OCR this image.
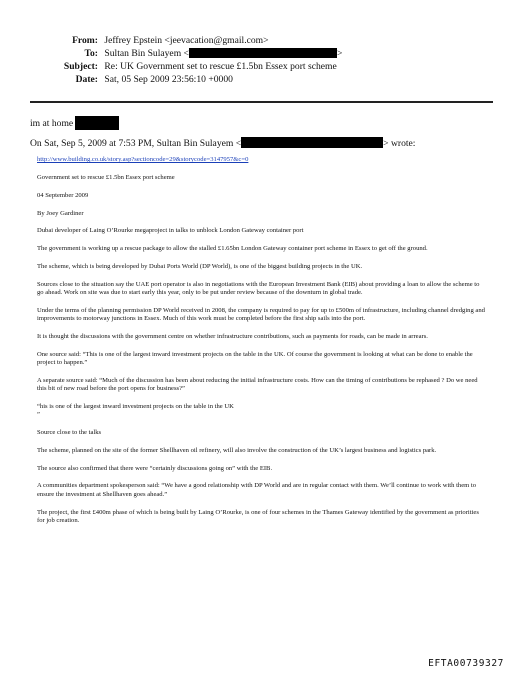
From: Jeffrey Epstein <jeevacation@gmail.com>
To: Sultan Bin Sulayem <	>
Subject: Re: UK Government set to rescue £1.5bn Essex port scheme
Date: Sat, 05 Sep 2009 23:56:10 +0000
im at home
On Sat, Sep 5, 2009 at 7:53 PM, Sultan Bin Sulayem <	> wrote:
http://www.building.co.uk/story.asp?sectioncode=29&storycode=3147957&c=0
Government set to rescue £1.5bn Essex port scheme
04 September 2009
By Joey Gardiner
Dubai developer of Laing O’Rourke megaproject in talks to unblock London Gateway container port
The government is working up a rescue package to allow the stalled £1.65bn London Gateway container port scheme in Essex to get off the ground.
The scheme, which is being developed by Dubai Ports World (DP World), is one of the biggest building projects in the UK.
Sources close to the situation say the UAE port operator is also in negotiations with the European Investment Bank (EIB) about providing a loan to allow the scheme to go ahead. Work on site was due to start early this year, only to be put under review because of the downturn in global trade.
Under the terms of the planning permission DP World received in 2008, the company is required to pay for up to £500m of infrastructure, including channel dredging and improvements to motorway junctions in Essex. Much of this work must be completed before the first ship sails into the port.
It is thought the discussions with the government centre on whether infrastructure contributions, such as payments for roads, can be made in arrears.
One source said: “This is one of the largest inward investment projects on the table in the UK. Of course the government is looking at what can be done to enable the project to happen.”
A separate source said: “Much of the discussion has been about reducing the initial infrastructure costs. How can the timing of contributions be rephased ? Do we need this bit of new road before the port opens for business?”
“his is one of the largest inward investment projects on the table in the UK
”
Source close to the talks
The scheme, planned on the site of the former Shellhaven oil refinery, will also involve the construction of the UK’s largest business and logistics park.
The source also confirmed that there were “certainly discussions going on” with the EIB.
A communities department spokesperson said: “We have a good relationship with DP World and are in regular contact with them. We’ll continue to work with them to ensure the investment at Shellhaven goes ahead.”
The project, the first £400m phase of which is being built by Laing O’Rourke, is one of four schemes in the Thames Gateway identified by the government as priorities for job creation.
EFTA00739327
